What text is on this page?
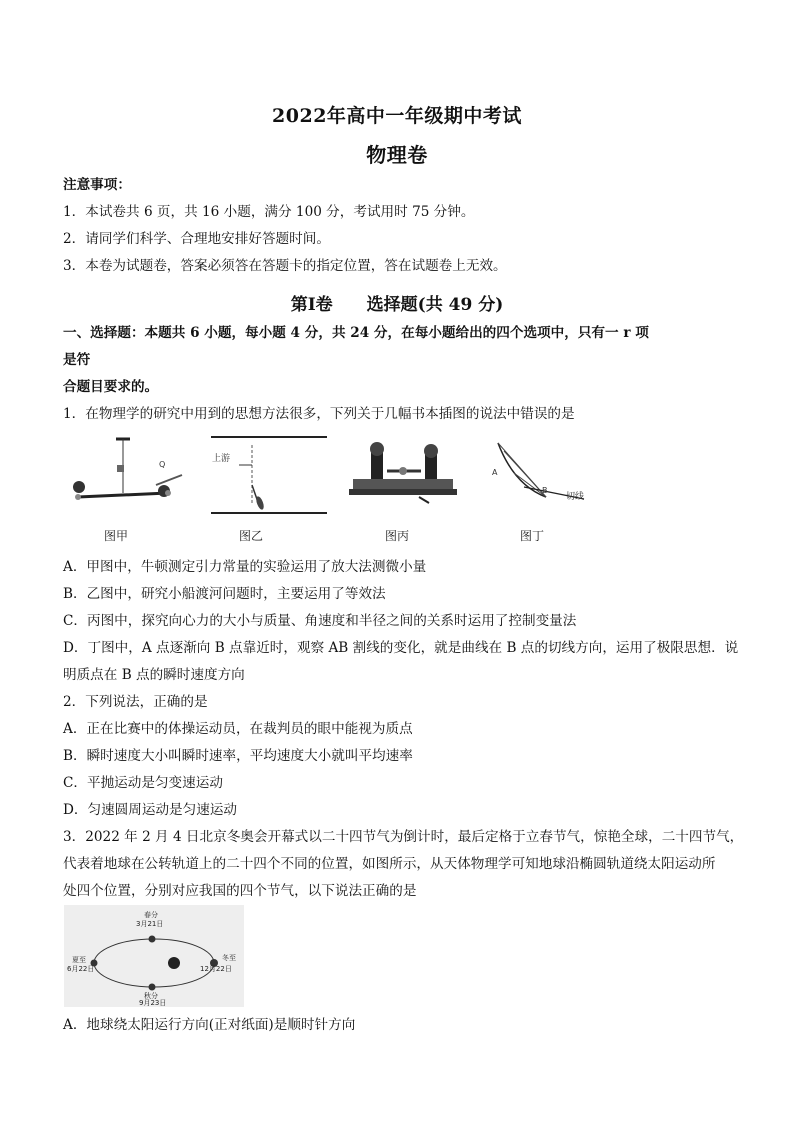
2022年高中一年级期中考试
物理卷
注意事项：
1．本试卷共 6 页，共 16 小题，满分 100 分，考试用时 75 分钟。
2．请同学们科学、合理地安排好答题时间。
3．本卷为试题卷，答案必须答在答题卡的指定位置，答在试题卷上无效。
第Ⅰ卷　　选择题(共 49 分)
一、选择题：本题共 6 小题，每小题 4 分，共 24 分，在每小题给出的四个选项中，只有一 r 项
是符
合题目要求的。
1．在物理学的研究中用到的思想方法很多，下列关于几幅书本插图的说法中错误的是
Q
图甲
上游
图乙	图丙
A
B
切线
图丁
A．甲图中，牛顿测定引力常量的实验运用了放大法测微小量
B．乙图中，研究小船渡河问题时，主要运用了等效法
C．丙图中，探究向心力的大小与质量、角速度和半径之间的关系时运用了控制变量法
D．丁图中，A 点逐渐向 B 点靠近时，观察 AB 割线的变化，就是曲线在 B 点的切线方向，运用了极限思想．说
明质点在 B 点的瞬时速度方向
2．下列说法，正确的是
A．正在比赛中的体操运动员，在裁判员的眼中能视为质点
B．瞬时速度大小叫瞬时速率，平均速度大小就叫平均速率
C．平抛运动是匀变速运动
D．匀速圆周运动是匀速运动
3．2022 年 2 月 4 日北京冬奥会开幕式以二十四节气为倒计时，最后定格于立春节气，惊艳全球，二十四节气，
代表着地球在公转轨道上的二十四个不同的位置，如图所示，从天体物理学可知地球沿椭圆轨道绕太阳运动所
处四个位置，分别对应我国的四个节气，以下说法正确的是
春分
3月21日
夏至
6月22日
冬至
12月22日
秋分
9月23日
A．地球绕太阳运行方向(正对纸面)是顺时针方向
